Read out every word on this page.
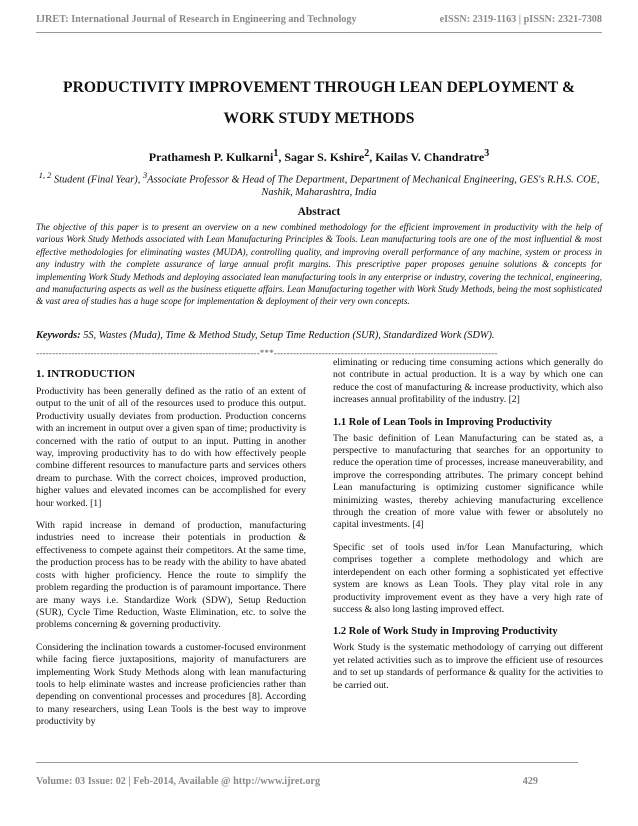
IJRET: International Journal of Research in Engineering and Technology	eISSN: 2319-1163 | pISSN: 2321-7308
PRODUCTIVITY IMPROVEMENT THROUGH LEAN DEPLOYMENT & WORK STUDY METHODS
Prathamesh P. Kulkarni$^1$, Sagar S. Kshire$^2$, Kailas V. Chandratre$^3$
$^{1, 2}$ Student (Final Year), $^3$Associate Professor & Head of The Department, Department of Mechanical Engineering, GES's R.H.S. COE, Nashik, Maharashtra, India
Abstract

The objective of this paper is to present an overview on a new combined methodology for the efficient improvement in productivity with the help of various Work Study Methods associated with Lean Manufacturing Principles & Tools. Lean manufacturing tools are one of the most influential & most effective methodologies for eliminating wastes (MUDA), controlling quality, and improving overall performance of any machine, system or process in any industry with the complete assurance of large annual profit margins. This prescriptive paper proposes genuine solutions & concepts for implementing Work Study Methods and deploying associated lean manufacturing tools in any enterprise or industry, covering the technical, engineering, and manufacturing aspects as well as the business etiquette affairs. Lean Manufacturing together with Work Study Methods, being the most sophisticated & vast area of studies has a huge scope for implementation & deployment of their very own concepts.

Keywords: 5S, Wastes (Muda), Time & Method Study, Setup Time Reduction (SUR), Standardized Work (SDW).
----------------------------------------------------------------------***----------------------------------------------------------------------
1. INTRODUCTION

Productivity has been generally defined as the ratio of an extent of output to the unit of all of the resources used to produce this output. Productivity usually deviates from production. Production concerns with an increment in output over a given span of time; productivity is concerned with the ratio of output to an input. Putting in another way, improving productivity has to do with how effectively people combine different resources to manufacture parts and services others dream to purchase. With the correct choices, improved production, higher values and elevated incomes can be accomplished for every hour worked. [1]

With rapid increase in demand of production, manufacturing industries need to increase their potentials in production & effectiveness to compete against their competitors. At the same time, the production process has to be ready with the ability to have abated costs with higher proficiency. Hence the route to simplify the problem regarding the production is of paramount importance. There are many ways i.e. Standardize Work (SDW), Setup Reduction (SUR), Cycle Time Reduction, Waste Elimination, etc. to solve the problems concerning & governing productivity.

Considering the inclination towards a customer-focused environment while facing fierce juxtapositions, majority of manufacturers are implementing Work Study Methods along with lean manufacturing tools to help eliminate wastes and increase proficiencies rather than depending on conventional processes and procedures [8]. According to many researchers, using Lean Tools is the best way to improve productivity by

eliminating or reducing time consuming actions which generally do not contribute in actual production. It is a way by which one can reduce the cost of manufacturing & increase productivity, which also increases annual profitability of the industry. [2]

1.1 Role of Lean Tools in Improving Productivity

The basic definition of Lean Manufacturing can be stated as, a perspective to manufacturing that searches for an opportunity to reduce the operation time of processes, increase maneuverability, and improve the corresponding attributes. The primary concept behind Lean manufacturing is optimizing customer significance while minimizing wastes, thereby achieving manufacturing excellence through the creation of more value with fewer or absolutely no capital investments. [4]

Specific set of tools used in/for Lean Manufacturing, which comprises together a complete methodology and which are interdependent on each other forming a sophisticated yet effective system are knows as Lean Tools. They play vital role in any productivity improvement event as they have a very high rate of success & also long lasting improved effect.

1.2 Role of Work Study in Improving Productivity

Work Study is the systematic methodology of carrying out different yet related activities such as to improve the efficient use of resources and to set up standards of performance & quality for the activities to be carried out.

Volume: 03 Issue: 02 | Feb-2014, Available @ http://www.ijret.org	429
